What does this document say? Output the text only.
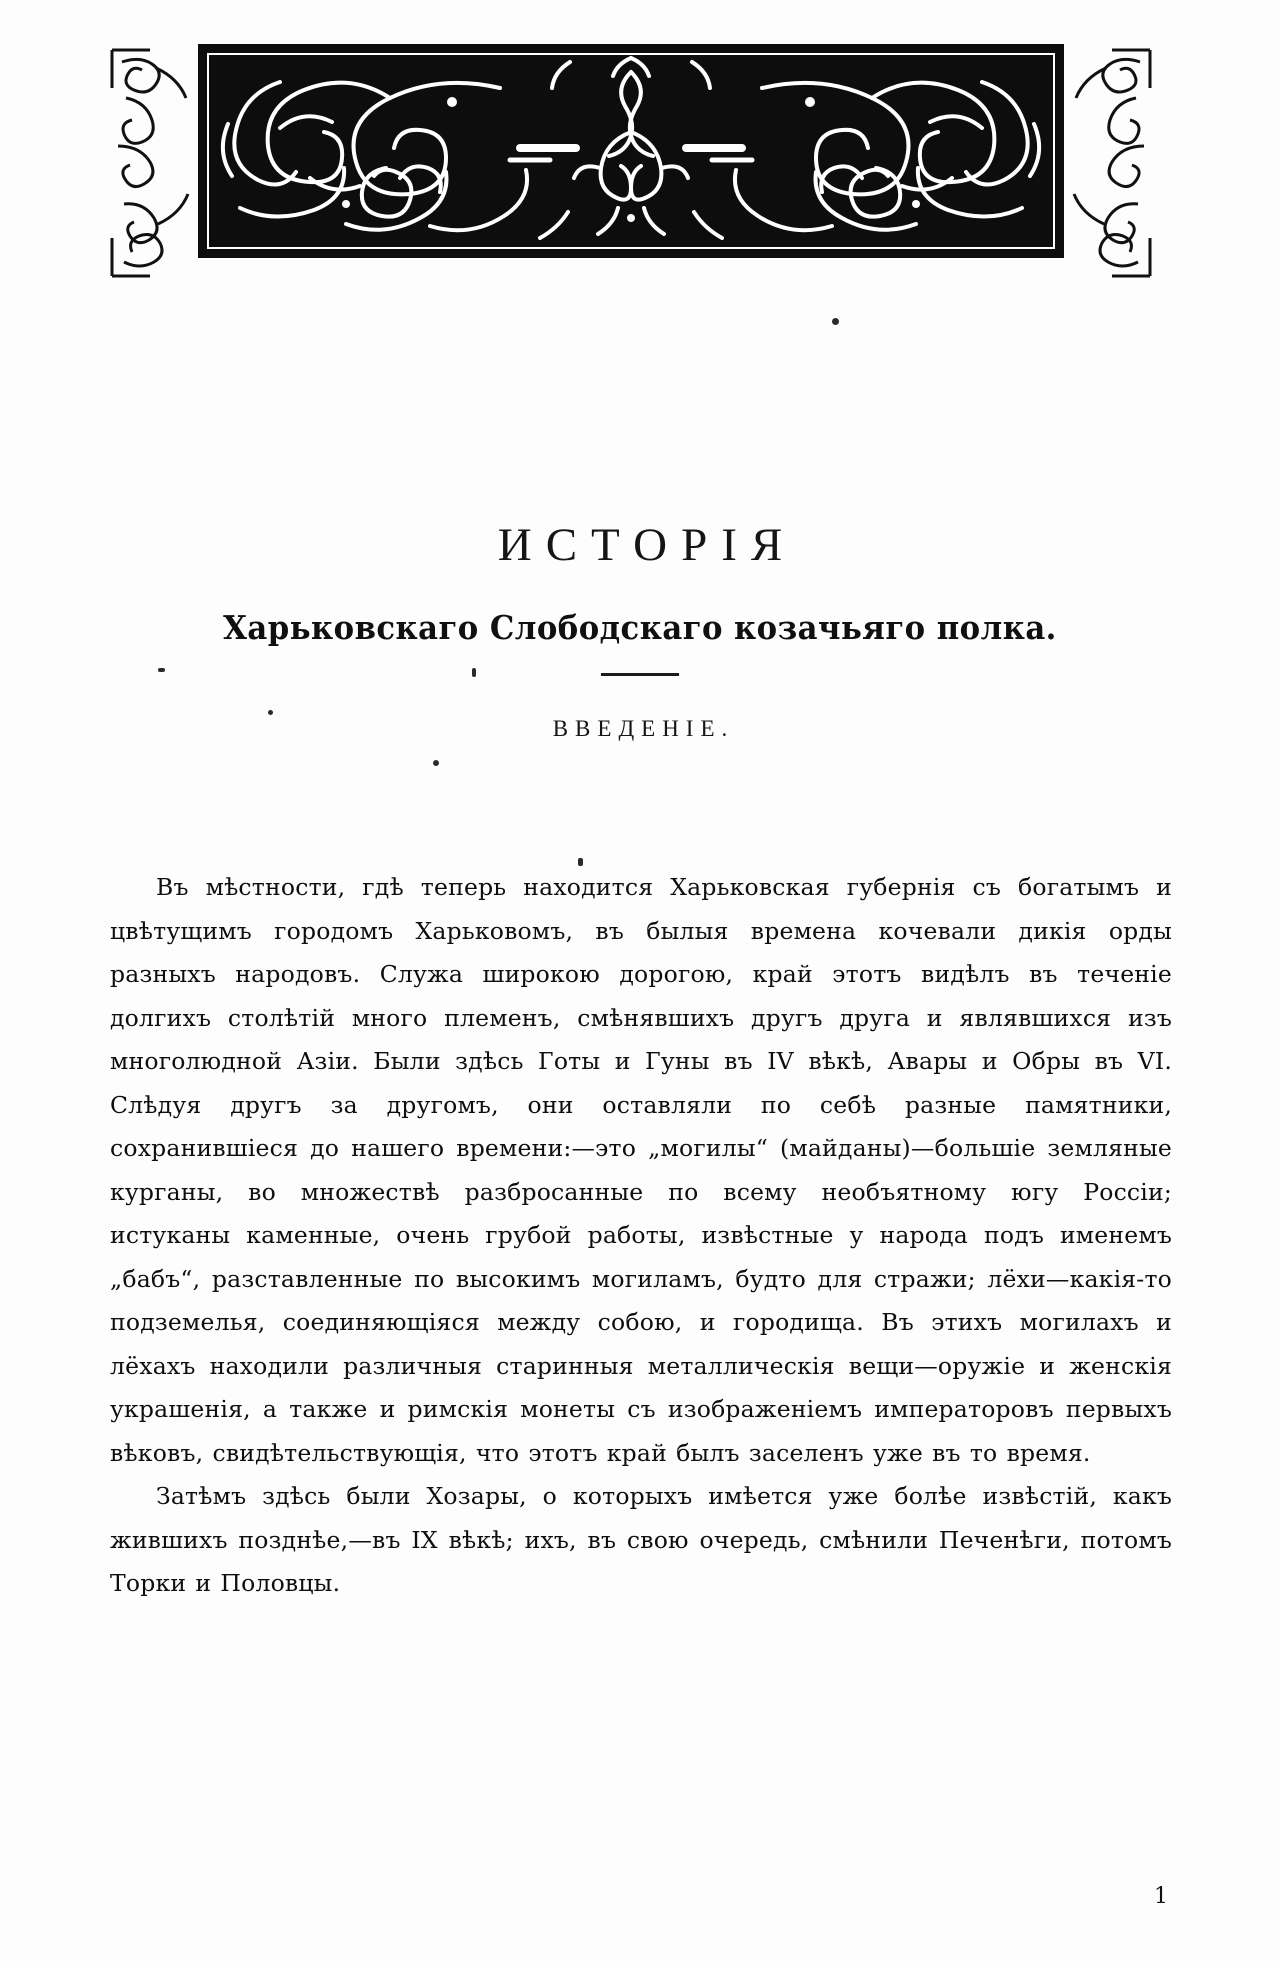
ИСТОРІЯ
Харьковскаго Слободскаго козачьяго полка.
ВВЕДЕНІЕ.

Въ мѣстности, гдѣ теперь находится Харьковская губернія съ богатымъ и цвѣтущимъ городомъ Харьковомъ, въ былыя времена кочевали дикія орды разныхъ народовъ. Служа широкою дорогою, край этотъ видѣлъ въ теченіе долгихъ столѣтій много племенъ, смѣнявшихъ другъ друга и являвшихся изъ многолюдной Азіи. Были здѣсь Готы и Гуны въ IV вѣкѣ, Авары и Обры въ VI. Слѣдуя другъ за другомъ, они оставляли по себѣ разные памятники, сохранившіеся до нашего времени:—это „могилы“ (майданы)—большіе земляные курганы, во множествѣ разбросанные по всему необъятному югу Россіи; истуканы каменные, очень грубой работы, извѣстные у народа подъ именемъ „бабъ“, разставленные по высокимъ могиламъ, будто для стражи; лёхи—какія-то подземелья, соединяющіяся между собою, и городища. Въ этихъ могилахъ и лёхахъ находили различныя старинныя металлическія вещи—оружіе и женскія украшенія, а также и римскія монеты съ изображеніемъ императоровъ первыхъ вѣковъ, свидѣтельствующія, что этотъ край былъ заселенъ уже въ то время.

Затѣмъ здѣсь были Хозары, о которыхъ имѣется уже болѣе извѣстій, какъ жившихъ позднѣе,—въ IX вѣкѣ; ихъ, въ свою очередь, смѣнили Печенѣги, потомъ Торки и Половцы.

1
